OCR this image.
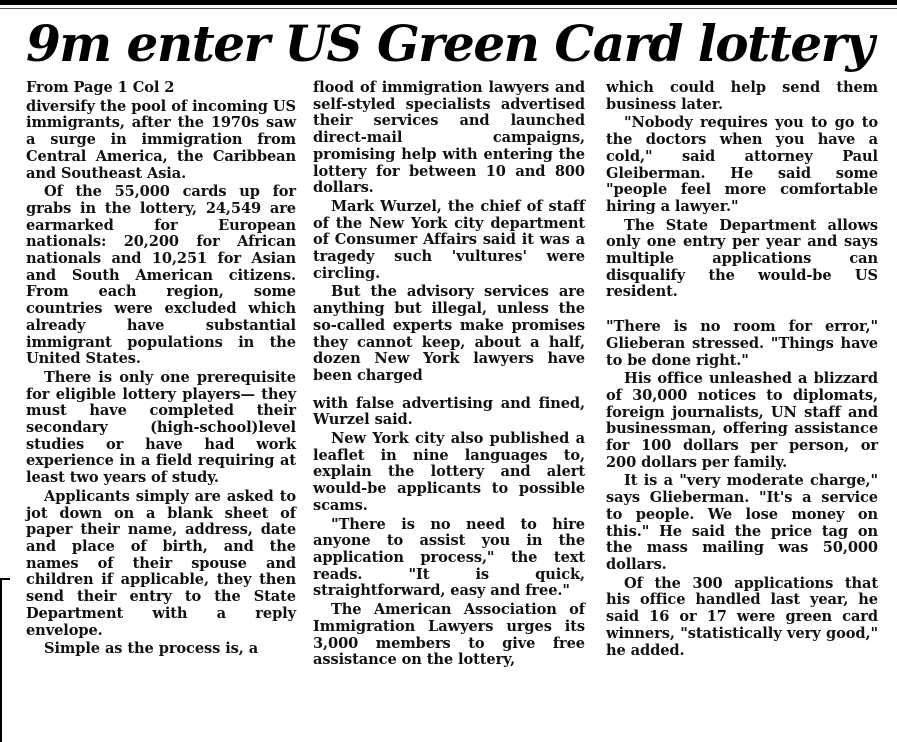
9m enter US Green Card lottery

From Page 1 Col 2

diversify the pool of incoming US immigrants, after the 1970s saw a surge in immigration from Central America, the Caribbean and Southeast Asia.

Of the 55,000 cards up for grabs in the lottery, 24,549 are earmarked for European nationals: 20,200 for African nationals and 10,251 for Asian and South American citizens. From each region, some countries were excluded which already have substantial immigrant populations in the United States.

There is only one prerequisite for eligible lottery players— they must have completed their secondary (high-school)level studies or have had work experience in a field requiring at least two years of study.

Applicants simply are asked to jot down on a blank sheet of paper their name, address, date and place of birth, and the names of their spouse and children if applicable, they then send their entry to the State Department with a reply envelope.

Simple as the process is, a

flood of immigration lawyers and self-styled specialists advertised their services and launched direct-mail campaigns, promising help with entering the lottery for between 10 and 800 dollars.

Mark Wurzel, the chief of staff of the New York city department of Consumer Affairs said it was a tragedy such 'vultures' were circling.

But the advisory services are anything but illegal, unless the so-called experts make promises they cannot keep, about a half, dozen New York lawyers have been charged

with false advertising and fined, Wurzel said.

New York city also published a leaflet in nine languages to, explain the lottery and alert would-be applicants to possible scams.

"There is no need to hire anyone to assist you in the application process," the text reads. "It is quick, straightforward, easy and free."

The American Association of Immigration Lawyers urges its 3,000 members to give free assistance on the lottery,

which could help send them business later.

"Nobody requires you to go to the doctors when you have a cold," said attorney Paul Gleiberman. He said some "people feel more comfortable hiring a lawyer."

The State Department allows only one entry per year and says multiple applications can disqualify the would-be US resident.

"There is no room for error," Glieberan stressed. "Things have to be done right."

His office unleashed a blizzard of 30,000 notices to diplomats, foreign journalists, UN staff and businessman, offering assistance for 100 dollars per person, or 200 dollars per family.

It is a "very moderate charge," says Glieberman. "It's a service to people. We lose money on this." He said the price tag on the mass mailing was 50,000 dollars.

Of the 300 applications that his office handled last year, he said 16 or 17 were green card winners, "statistically very good," he added.
